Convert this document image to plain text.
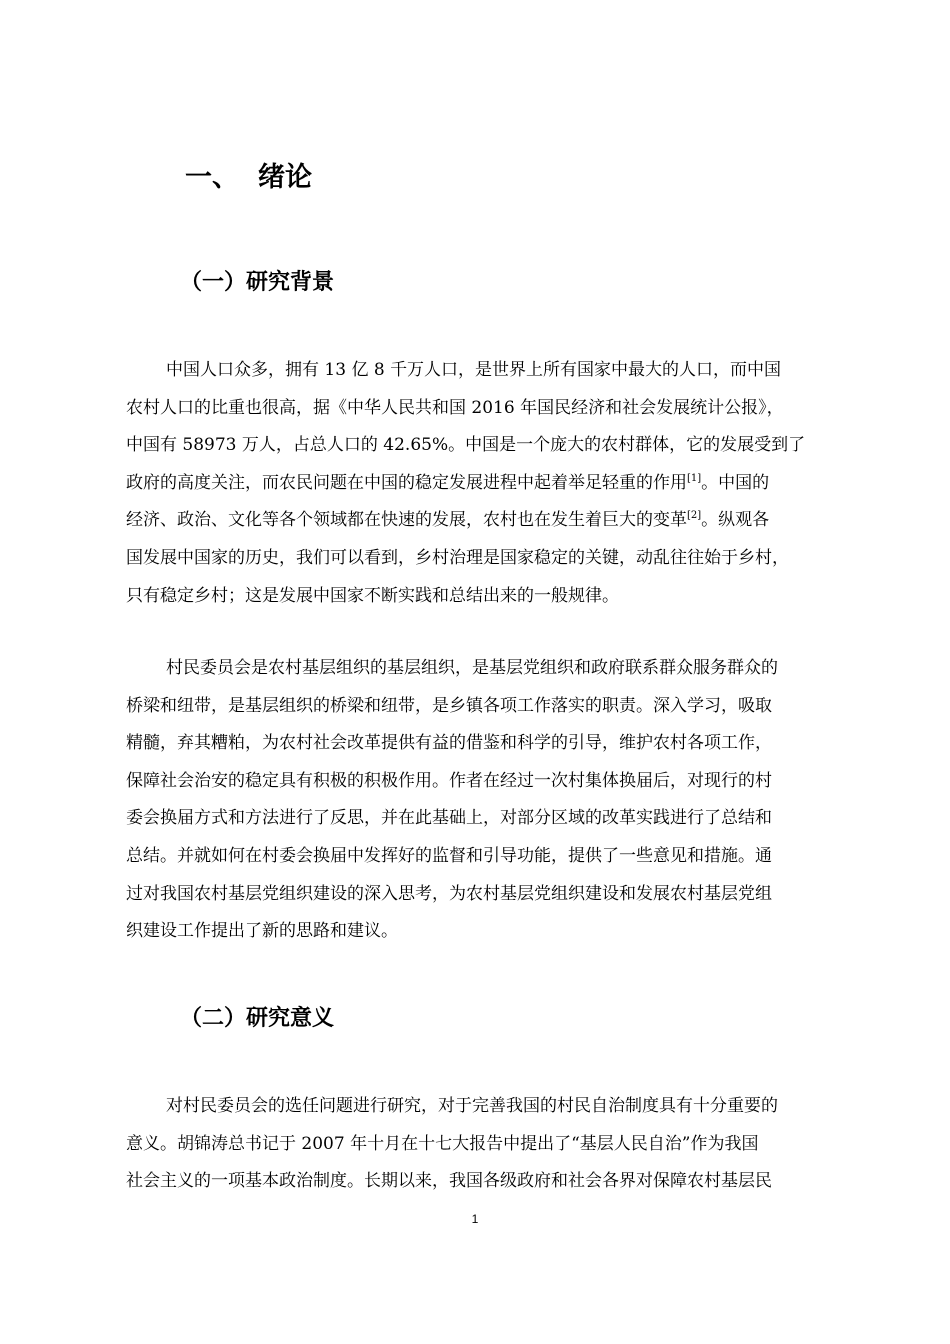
一、 绪论
（一）研究背景
中国人口众多，拥有 13 亿 8 千万人口，是世界上所有国家中最大的人口，而中国
农村人口的比重也很高，据《中华人民共和国 2016 年国民经济和社会发展统计公报》，
中国有 58973 万人，占总人口的 42.65%。中国是一个庞大的农村群体，它的发展受到了
政府的高度关注，而农民问题在中国的稳定发展进程中起着举足轻重的作用[1]。中国的
经济、政治、文化等各个领域都在快速的发展，农村也在发生着巨大的变革[2]。纵观各
国发展中国家的历史，我们可以看到，乡村治理是国家稳定的关键，动乱往往始于乡村，
只有稳定乡村；这是发展中国家不断实践和总结出来的一般规律。
村民委员会是农村基层组织的基层组织，是基层党组织和政府联系群众服务群众的
桥梁和纽带，是基层组织的桥梁和纽带，是乡镇各项工作落实的职责。深入学习，吸取
精髓，弃其糟粕，为农村社会改革提供有益的借鉴和科学的引导，维护农村各项工作，
保障社会治安的稳定具有积极的积极作用。作者在经过一次村集体换届后，对现行的村
委会换届方式和方法进行了反思，并在此基础上，对部分区域的改革实践进行了总结和
总结。并就如何在村委会换届中发挥好的监督和引导功能，提供了一些意见和措施。通
过对我国农村基层党组织建设的深入思考，为农村基层党组织建设和发展农村基层党组
织建设工作提出了新的思路和建议。
（二）研究意义
对村民委员会的选任问题进行研究，对于完善我国的村民自治制度具有十分重要的
意义。胡锦涛总书记于 2007 年十月在十七大报告中提出了“基层人民自治”作为我国
社会主义的一项基本政治制度。长期以来，我国各级政府和社会各界对保障农村基层民
1
